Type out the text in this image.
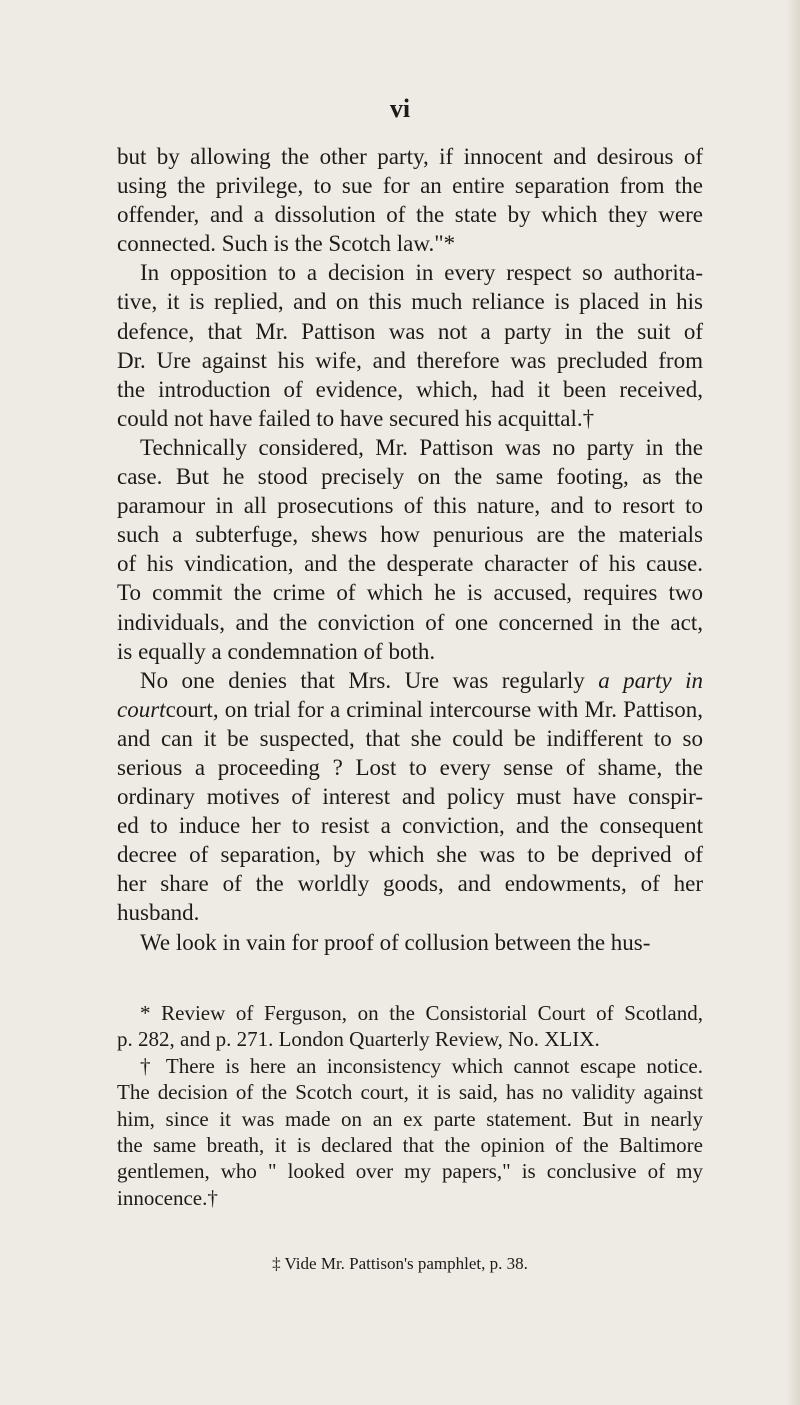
vi
but by allowing the other party, if innocent and desirous of
using the privilege, to sue for an entire separation from the
offender, and a dissolution of the state by which they were
connected. Such is the Scotch law."*
In opposition to a decision in every respect so authorita-
tive, it is replied, and on this much reliance is placed in his
defence, that Mr. Pattison was not a party in the suit of
Dr. Ure against his wife, and therefore was precluded from
the introduction of evidence, which, had it been received,
could not have failed to have secured his acquittal.†
Technically considered, Mr. Pattison was no party in the
case. But he stood precisely on the same footing, as the
paramour in all prosecutions of this nature, and to resort to
such a subterfuge, shews how penurious are the materials
of his vindication, and the desperate character of his cause.
To commit the crime of which he is accused, requires two
individuals, and the conviction of one concerned in the act,
is equally a condemnation of both.
No one denies that Mrs. Ure was regularly a party in
courtcourt, on trial for a criminal intercourse with Mr. Pattison,
and can it be suspected, that she could be indifferent to so
serious a proceeding ? Lost to every sense of shame, the
ordinary motives of interest and policy must have conspir-
ed to induce her to resist a conviction, and the consequent
decree of separation, by which she was to be deprived of
her share of the worldly goods, and endowments, of her
husband.
We look in vain for proof of collusion between the hus-
* Review of Ferguson, on the Consistorial Court of Scotland,
p. 282, and p. 271. London Quarterly Review, No. XLIX.
† There is here an inconsistency which cannot escape notice.
The decision of the Scotch court, it is said, has no validity against
him, since it was made on an ex parte statement. But in nearly
the same breath, it is declared that the opinion of the Baltimore
gentlemen, who " looked over my papers," is conclusive of my
innocence.†
‡ Vide Mr. Pattison's pamphlet, p. 38.
